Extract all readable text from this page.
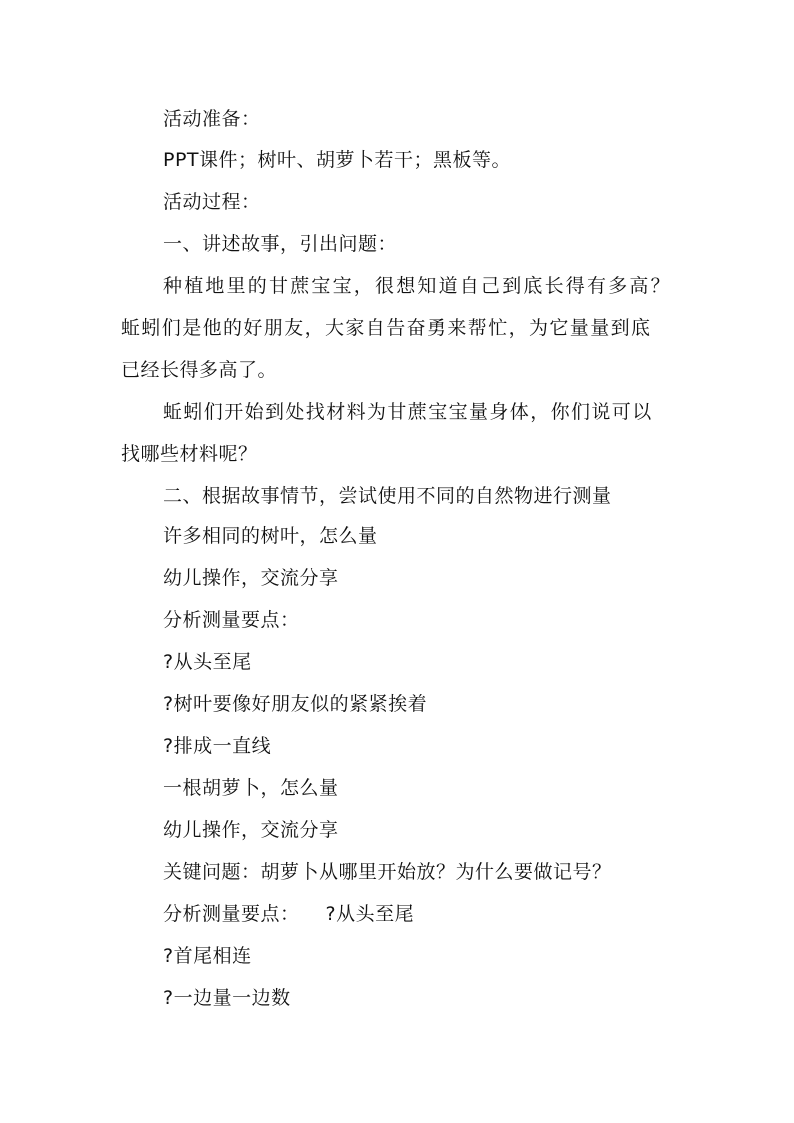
活动准备：
PPT课件；树叶、胡萝卜若干；黑板等。
活动过程：
一、讲述故事，引出问题：
种植地里的甘蔗宝宝，很想知道自己到底长得有多高？
蚯蚓们是他的好朋友，大家自告奋勇来帮忙，为它量量到底
已经长得多高了。
蚯蚓们开始到处找材料为甘蔗宝宝量身体，你们说可以
找哪些材料呢？
二、根据故事情节，尝试使用不同的自然物进行测量
许多相同的树叶，怎么量
幼儿操作，交流分享
分析测量要点：
?从头至尾
?树叶要像好朋友似的紧紧挨着
?排成一直线
一根胡萝卜，怎么量
幼儿操作，交流分享
关键问题：胡萝卜从哪里开始放？为什么要做记号？
分析测量要点： ?从头至尾
?首尾相连
?一边量一边数
